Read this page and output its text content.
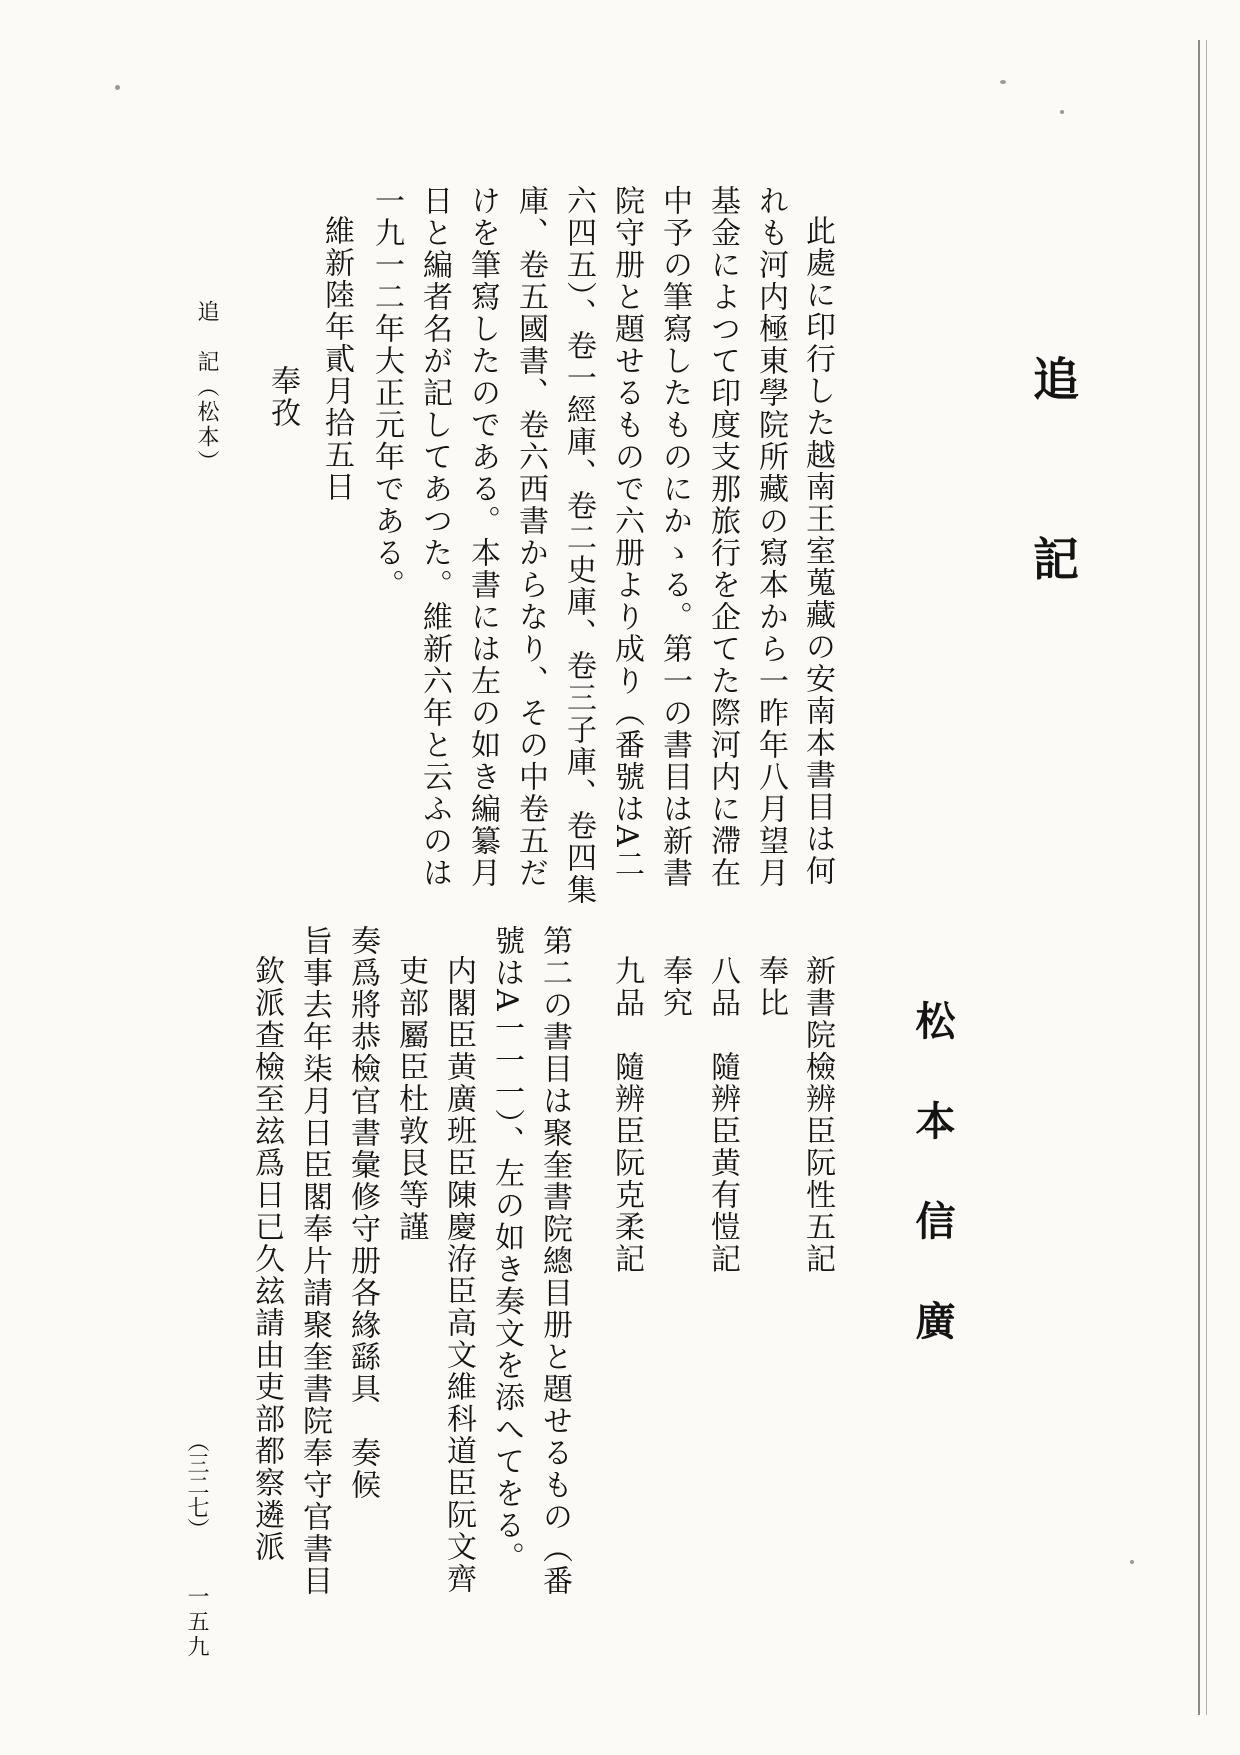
追
記
松本信廣
此處に印行した越南王室蒐藏の安南本書目は何
れも河内極東學院所藏の寫本から一昨年八月望月
基金によつて印度支那旅行を企てた際河内に滯在
中予の筆寫したものにかゝる。第一の書目は新書
院守册と題せるもので六册より成り（番號はA二
六四五）、卷一經庫、卷二史庫、卷三子庫、卷四集
庫、卷五國書、卷六西書からなり、その中卷五だ
けを筆寫したのである。本書には左の如き編纂月
日と編者名が記してあつた。維新六年と云ふのは
一九一二年大正元年である。
維新陸年貳月拾五日
奉孜
追　記（松本）
新書院檢辨臣阮性五記
奉比
八品　隨辨臣黄有愷記
奉究
九品　隨辨臣阮克柔記
第二の書目は聚奎書院總目册と題せるもの（番
號はA一一一）、左の如き奏文を添へてをる。
内閣臣黄廣班臣陳慶洊臣高文維科道臣阮文齊
吏部屬臣杜敦艮等謹
奏爲將恭檢官書彙修守册各緣繇具　奏候
旨事去年柒月日臣閣奉片請聚奎書院奉守官書目
欽派查檢至玆爲日已久玆請由吏部都察遴派
（三二七）
一五九
